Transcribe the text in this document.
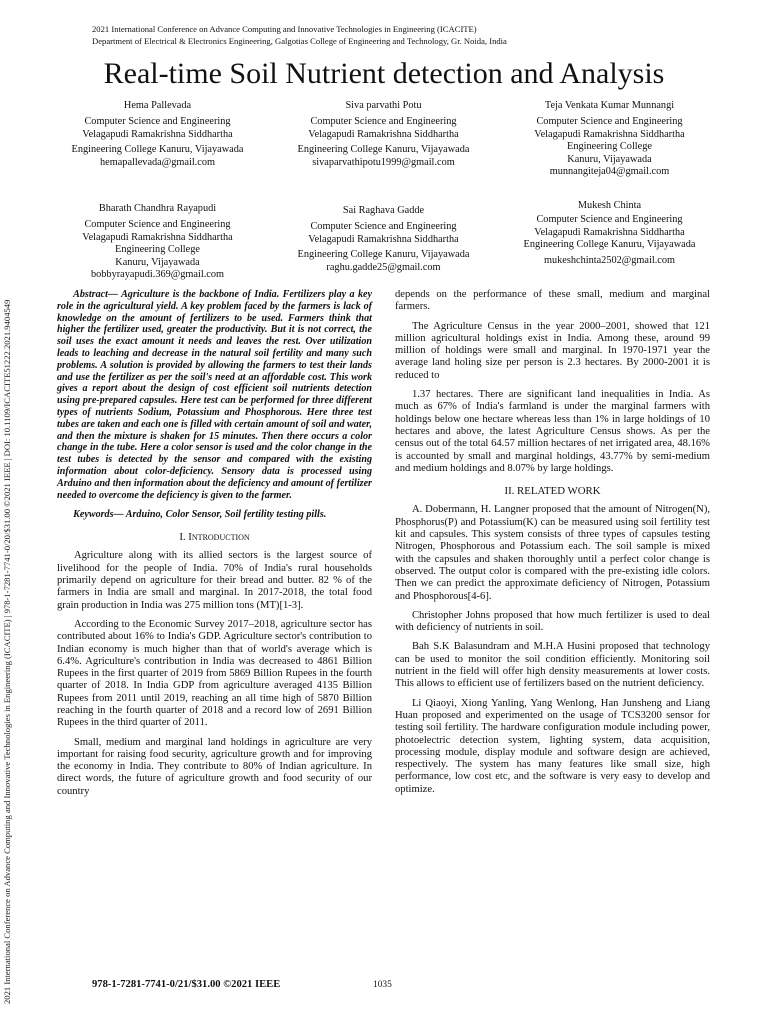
2021 International Conference on Advance Computing and Innovative Technologies in Engineering (ICACITE) | 978-1-7281-7741-0/20/$31.00 ©2021 IEEE | DOI: 10.1109/ICACITE51222.2021.9404549
2021 International Conference on Advance Computing and Innovative Technologies in Engineering (ICACITE)
Department of Electrical & Electronics Engineering, Galgotias College of Engineering and Technology, Gr. Noida, India
Real-time Soil Nutrient detection and Analysis
Hema Pallevada
Computer Science and Engineering
Velagapudi Ramakrishna Siddhartha
Engineering College Kanuru, Vijayawada
hemapallevada@gmail.com
Siva parvathi Potu
Computer Science and Engineering
Velagapudi Ramakrishna Siddhartha
Engineering College Kanuru, Vijayawada
sivaparvathipotu1999@gmail.com
Teja Venkata Kumar Munnangi
Computer Science and Engineering
Velagapudi Ramakrishna Siddhartha
Engineering College
Kanuru, Vijayawada
munnangiteja04@gmail.com
Bharath Chandhra Rayapudi
Computer Science and Engineering
Velagapudi Ramakrishna Siddhartha
Engineering College
Kanuru, Vijayawada
bobbyrayapudi.369@gmail.com
Sai Raghava Gadde
Computer Science and Engineering
Velagapudi Ramakrishna Siddhartha
Engineering College Kanuru, Vijayawada
raghu.gadde25@gmail.com
Mukesh Chinta
Computer Science and Engineering
Velagapudi Ramakrishna Siddhartha
Engineering College Kanuru, Vijayawada
mukeshchinta2502@gmail.com

Abstract— Agriculture is the backbone of India. Fertilizers play a key role in the agricultural yield. A key problem faced by the farmers is lack of knowledge on the amount of fertilizers to be used. Farmers think that higher the fertilizer used, greater the productivity. But it is not correct, the soil uses the exact amount it needs and leaves the rest. Over utilization leads to leaching and decrease in the natural soil fertility and many such problems. A solution is provided by allowing the farmers to test their lands and use the fertilizer as per the soil's need at an affordable cost. This work gives a report about the design of cost efficient soil nutrients detection using pre-prepared capsules. Here test can be performed for three different types of nutrients Sodium, Potassium and Phosphorous. Here three test tubes are taken and each one is filled with certain amount of soil and water, and then the mixture is shaken for 15 minutes. Then there occurs a color change in the tube. Here a color sensor is used and the color change in the test tubes is detected by the sensor and compared with the existing information about color-deficiency. Sensory data is processed using Arduino and then information about the deficiency and amount of fertilizer needed to overcome the deficiency is given to the farmer.

Keywords— Arduino, Color Sensor, Soil fertility testing pills.

I. Introduction

Agriculture along with its allied sectors is the largest source of livelihood for the people of India. 70% of India's rural households primarily depend on agriculture for their bread and butter. 82 % of the farmers in India are small and marginal. In 2017-2018, the total food grain production in India was 275 million tons (MT)[1-3].

According to the Economic Survey 2017–2018, agriculture sector has contributed about 16% to India's GDP. Agriculture sector's contribution to Indian economy is much higher than that of world's average which is 6.4%. Agriculture's contribution in India was decreased to 4861 Billion Rupees in the first quarter of 2019 from 5869 Billion Rupees in the fourth quarter of 2018. In India GDP from agriculture averaged 4135 Billion Rupees from 2011 until 2019, reaching an all time high of 5870 Billion reaching in the fourth quarter of 2018 and a record low of 2691 Billion Rupees in the third quarter of 2011.

Small, medium and marginal land holdings in agriculture are very important for raising food security, agriculture growth and for improving the economy in India. They contribute to 80% of Indian agriculture. In direct words, the future of agriculture growth and food security of our country

depends on the performance of these small, medium and marginal farmers.

The Agriculture Census in the year 2000–2001, showed that 121 million agricultural holdings exist in India. Among these, around 99 million of holdings were small and marginal. In 1970-1971 year the average land holing size per person is 2.3 hectares. By 2000-2001 it is reduced to

1.37 hectares. There are significant land inequalities in India. As much as 67% of India's farmland is under the marginal farmers with holdings below one hectare whereas less than 1% in large holdings of 10 hectares and above, the latest Agriculture Census shows. As per the census out of the total 64.57 million hectares of net irrigated area, 48.16% is accounted by small and marginal holdings, 43.77% by semi-medium and medium holdings and 8.07% by large holdings.

II. RELATED WORK

A. Dobermann, H. Langner proposed that the amount of Nitrogen(N), Phosphorus(P) and Potassium(K) can be measured using soil fertility test kit and capsules. This system consists of three types of capsules testing Nitrogen, Phosphorous and Potassium each. The soil sample is mixed with the capsules and shaken thoroughly until a perfect color change is observed. The output color is compared with the pre-existing idle colors. Then we can predict the approximate deficiency of Nitrogen, Potassium and Phosphorous[4-6].

Christopher Johns proposed that how much fertilizer is used to deal with deficiency of nutrients in soil.

Bah S.K Balasundram and M.H.A Husini proposed that technology can be used to monitor the soil condition efficiently. Monitoring soil nutrient in the field will offer high density measurements at lower costs. This allows to efficient use of fertilizers based on the nutrient deficiency.

Li Qiaoyi, Xiong Yanling, Yang Wenlong, Han Junsheng and Liang Huan proposed and experimented on the usage of TCS3200 sensor for testing soil fertility. The hardware configuration module including power, photoelectric detection system, lighting system, data acquisition, processing module, display module and software design are achieved, respectively. The system has many features like small size, high performance, low cost etc, and the software is very easy to develop and optimize.

978-1-7281-7741-0/21/$31.00 ©2021 IEEE	1035
